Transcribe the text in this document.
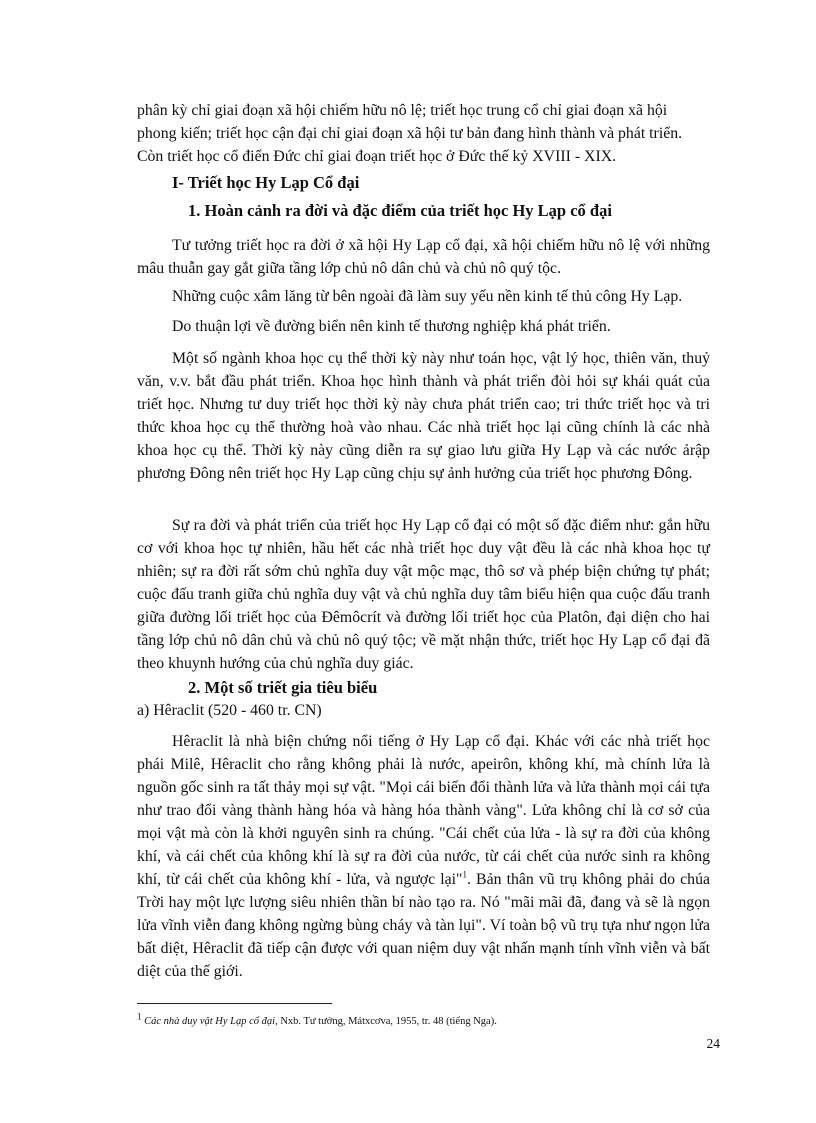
phân kỳ chỉ giai đoạn xã hội chiếm hữu nô lệ; triết học trung cổ chỉ giai đoạn xã hội
phong kiến; triết học cận đại chỉ giai đoạn xã hội tư bản đang hình thành và phát triển.
Còn triết học cổ điển Đức chỉ giai đoạn triết học ở Đức thế kỷ XVIII - XIX.

I- Triết học Hy Lạp Cổ đại

1. Hoàn cảnh ra đời và đặc điểm của triết học Hy Lạp cổ đại

Tư tưởng triết học ra đời ở xã hội Hy Lạp cổ đại, xã hội chiếm hữu nô lệ với những mâu thuẫn gay gắt giữa tầng lớp chủ nô dân chủ và chủ nô quý tộc.

Những cuộc xâm lăng từ bên ngoài đã làm suy yếu nền kinh tế thủ công Hy Lạp.

Do thuận lợi về đường biển nên kinh tế thương nghiệp khá phát triển.

Một số ngành khoa học cụ thể thời kỳ này như toán học, vật lý học, thiên văn, thuỷ văn, v.v. bắt đầu phát triển. Khoa học hình thành và phát triển đòi hỏi sự khái quát của triết học. Nhưng tư duy triết học thời kỳ này chưa phát triển cao; tri thức triết học và tri thức khoa học cụ thể thường hoà vào nhau. Các nhà triết học lại cũng chính là các nhà khoa học cụ thể. Thời kỳ này cũng diễn ra sự giao lưu giữa Hy Lạp và các nước ảrập phương Đông nên triết học Hy Lạp cũng chịu sự ảnh hưởng của triết học phương Đông.

Sự ra đời và phát triển của triết học Hy Lạp cổ đại có một số đặc điểm như: gắn hữu cơ với khoa học tự nhiên, hầu hết các nhà triết học duy vật đều là các nhà khoa học tự nhiên; sự ra đời rất sớm chủ nghĩa duy vật mộc mạc, thô sơ và phép biện chứng tự phát; cuộc đấu tranh giữa chủ nghĩa duy vật và chủ nghĩa duy tâm biểu hiện qua cuộc đấu tranh giữa đường lối triết học của Đêmôcrít và đường lối triết học của Platôn, đại diện cho hai tầng lớp chủ nô dân chủ và chủ nô quý tộc; về mặt nhận thức, triết học Hy Lạp cổ đại đã theo khuynh hướng của chủ nghĩa duy giác.

2. Một số triết gia tiêu biểu

a) Hêraclit (520 - 460 tr. CN)

Hêraclit là nhà biện chứng nổi tiếng ở Hy Lạp cổ đại. Khác với các nhà triết học phái Milê, Hêraclit cho rằng không phải là nước, apeirôn, không khí, mà chính lửa là nguồn gốc sinh ra tất thảy mọi sự vật. "Mọi cái biến đổi thành lửa và lửa thành mọi cái tựa như trao đổi vàng thành hàng hóa và hàng hóa thành vàng". Lửa không chỉ là cơ sở của mọi vật mà còn là khởi nguyên sinh ra chúng. "Cái chết của lửa - là sự ra đời của không khí, và cái chết của không khí là sự ra đời của nước, từ cái chết của nước sinh ra không khí, từ cái chết của không khí - lửa, và ngược lại"$^1$. Bản thân vũ trụ không phải do chúa Trời hay một lực lượng siêu nhiên thần bí nào tạo ra. Nó "mãi mãi đã, đang và sẽ là ngọn lửa vĩnh viễn đang không ngừng bùng cháy và tàn lụi". Ví toàn bộ vũ trụ tựa như ngọn lửa bất diệt, Hêraclit đã tiếp cận được với quan niệm duy vật nhấn mạnh tính vĩnh viễn và bất diệt của thế giới.

$^1$ Các nhà duy vật Hy Lạp cổ đại, Nxb. Tư tưởng, Mátxcơva, 1955, tr. 48 (tiếng Nga).
24
